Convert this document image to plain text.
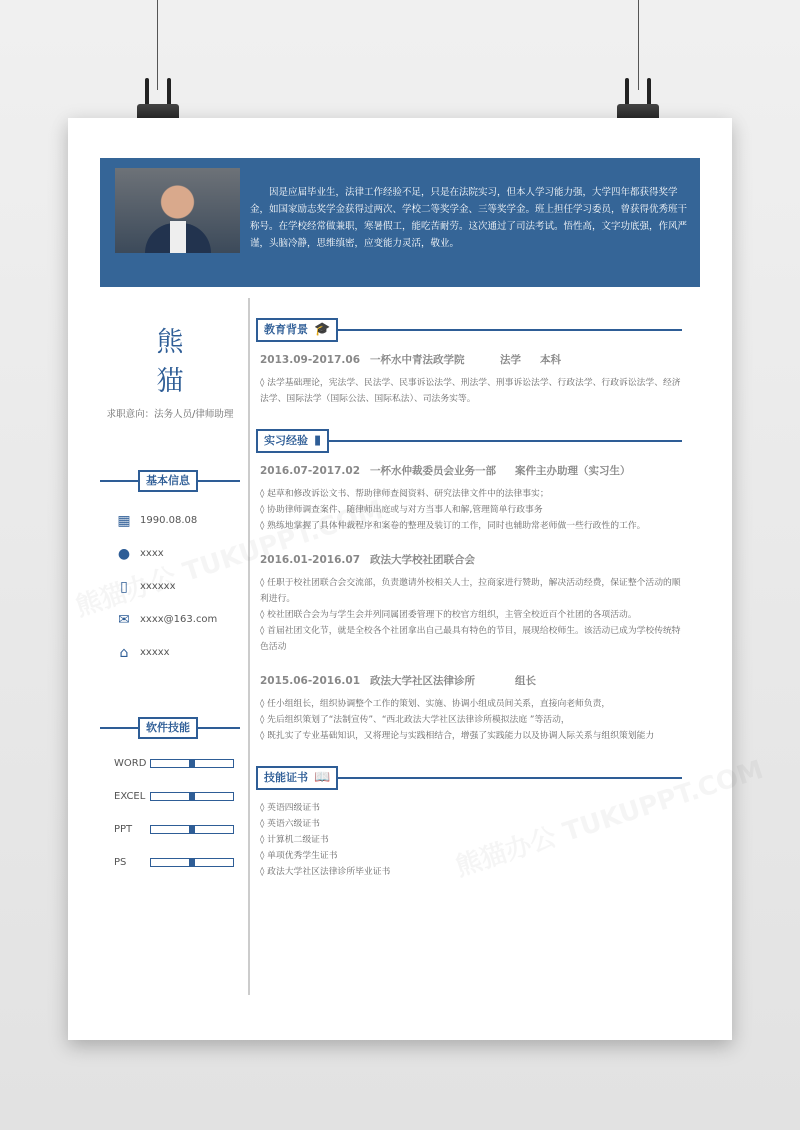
因是应届毕业生，法律工作经验不足，只是在法院实习，但本人学习能力强，大学四年都获得奖学金，如国家励志奖学金获得过两次、学校二等奖学金、三等奖学金。班上担任学习委员，曾获得优秀班干称号。在学校经常做兼职，寒暑假工，能吃苦耐劳。这次通过了司法考试。悟性高，文字功底强，作风严谨，头脑冷静，思维缜密，应变能力灵活，敬业。
熊猫
求职意向：法务人员/律师助理
基本信息
▦ 1990.08.08
● xxxx
▯	xxxxxx
✉ xxxx@163.com
⌂	xxxxx
软件技能
WORD
EXCEL
PPT
PS
教育背景 🎓
2013.09-2017.06 一杯水中青法政学院	法学 本科
◊ 法学基础理论，宪法学、民法学、民事诉讼法学、刑法学、刑事诉讼法学、行政法学、行政诉讼法学、经济法学、国际法学（国际公法、国际私法）、司法务实等。
实习经验 ▮
2016.07-2017.02 一杯水仲裁委员会业务一部 案件主办助理（实习生）
◊ 起草和修改诉讼文书、帮助律师查阅资料、研究法律文件中的法律事实；
◊ 协助律师调查案件、随律师出庭或与对方当事人和解,管理简单行政事务
◊ 熟练地掌握了具体仲裁程序和案卷的整理及装订的工作，同时也辅助常老师做一些行政性的工作。
2016.01-2016.07 政法大学校社团联合会
◊ 任职于校社团联合会交流部，负责邀请外校相关人士，拉商家进行赞助，解决活动经费，保证整个活动的顺利进行。
◊ 校社团联合会为与学生会并列同属团委管理下的校官方组织，主管全校近百个社团的各项活动。
◊ 首届社团文化节，就是全校各个社团拿出自己最具有特色的节目，展现给校师生。该活动已成为学校传统特色活动
2015.06-2016.01 政法大学社区法律诊所	组长
◊ 任小组组长，组织协调整个工作的策划、实施、协调小组成员间关系，直接向老师负责，
◊ 先后组织策划了“法制宣传”、“西北政法大学社区法律诊所模拟法庭 ”等活动，
◊ 既扎实了专业基础知识，又将理论与实践相结合，增强了实践能力以及协调人际关系与组织策划能力
技能证书 📖
◊ 英语四级证书
◊ 英语六级证书
◊ 计算机二级证书
◊ 单项优秀学生证书
◊ 政法大学社区法律诊所毕业证书
